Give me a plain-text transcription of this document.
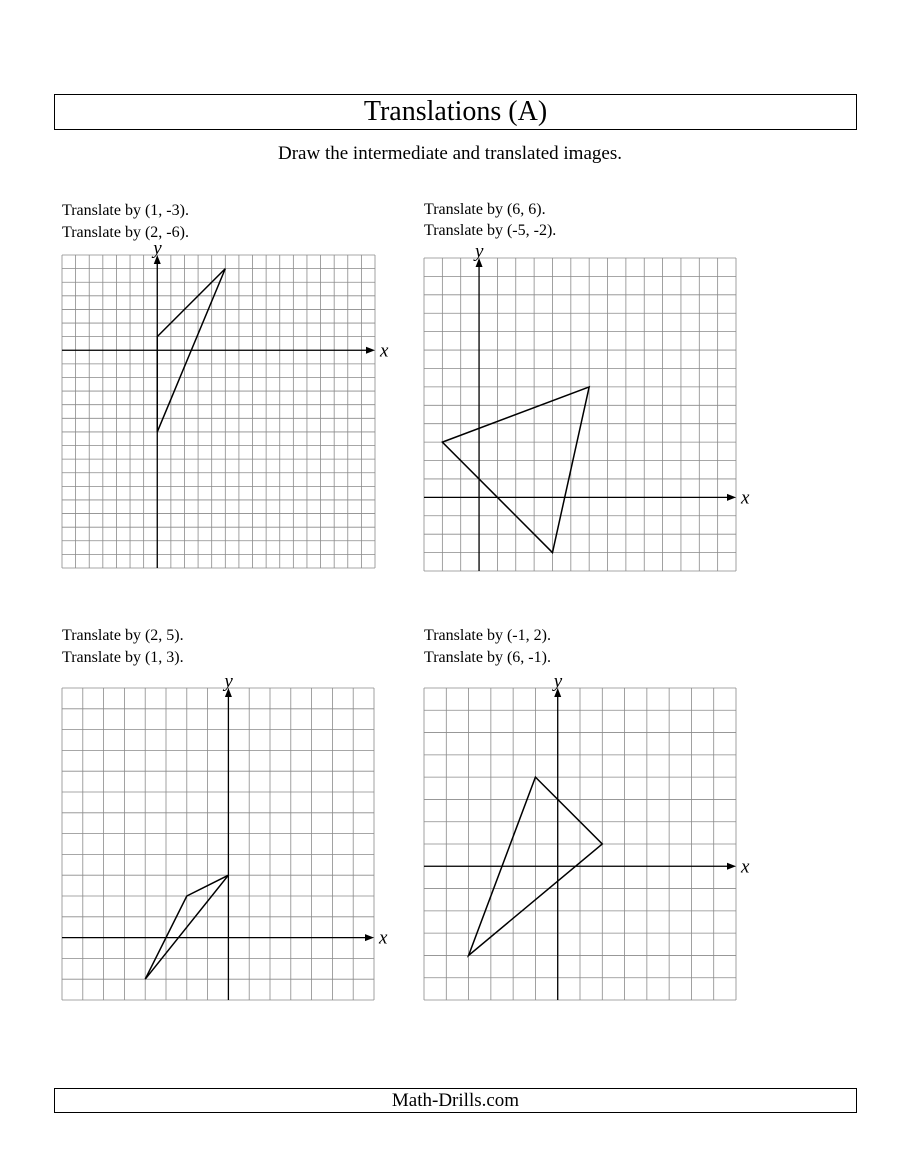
Translations (A)
Draw the intermediate and translated images.
Translate by (1, -3).
Translate by (2, -6).
Translate by (6, 6).
Translate by (-5, -2).
Translate by (2, 5).
Translate by (1, 3).
Translate by (-1, 2).
Translate by (6, -1).
x
y
x
y
x
y
x
y
Math-Drills.com
